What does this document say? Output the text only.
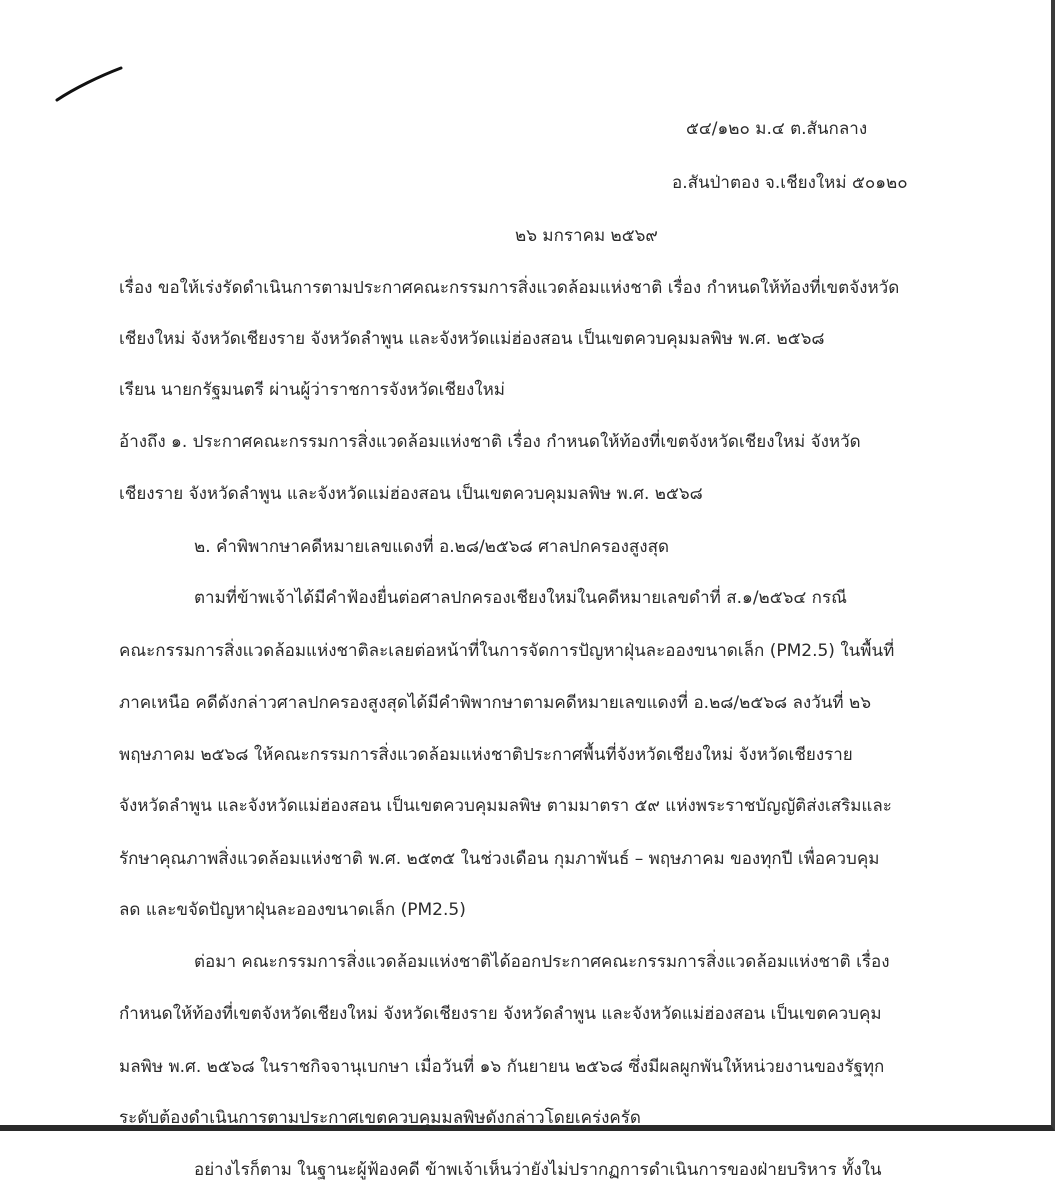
๕๔/๑๒๐ ม.๔ ต.สันกลาง
อ.สันป่าตอง จ.เชียงใหม่ ๕๐๑๒๐
๒๖ มกราคม ๒๕๖๙
เรื่อง ขอให้เร่งรัดดำเนินการตามประกาศคณะกรรมการสิ่งแวดล้อมแห่งชาติ เรื่อง กำหนดให้ท้องที่เขตจังหวัด
เชียงใหม่ จังหวัดเชียงราย จังหวัดลำพูน และจังหวัดแม่ฮ่องสอน เป็นเขตควบคุมมลพิษ พ.ศ. ๒๕๖๘
เรียน นายกรัฐมนตรี ผ่านผู้ว่าราชการจังหวัดเชียงใหม่
อ้างถึง ๑. ประกาศคณะกรรมการสิ่งแวดล้อมแห่งชาติ เรื่อง กำหนดให้ท้องที่เขตจังหวัดเชียงใหม่ จังหวัด
เชียงราย จังหวัดลำพูน และจังหวัดแม่ฮ่องสอน เป็นเขตควบคุมมลพิษ พ.ศ. ๒๕๖๘
๒. คำพิพากษาคดีหมายเลขแดงที่ อ.๒๘/๒๕๖๘ ศาลปกครองสูงสุด
ตามที่ข้าพเจ้าได้มีคำฟ้องยื่นต่อศาลปกครองเชียงใหม่ในคดีหมายเลขดำที่ ส.๑/๒๕๖๔ กรณี
คณะกรรมการสิ่งแวดล้อมแห่งชาติละเลยต่อหน้าที่ในการจัดการปัญหาฝุ่นละอองขนาดเล็ก (PM2.5) ในพื้นที่
ภาคเหนือ คดีดังกล่าวศาลปกครองสูงสุดได้มีคำพิพากษาตามคดีหมายเลขแดงที่ อ.๒๘/๒๕๖๘ ลงวันที่ ๒๖
พฤษภาคม ๒๕๖๘ ให้คณะกรรมการสิ่งแวดล้อมแห่งชาติประกาศพื้นที่จังหวัดเชียงใหม่ จังหวัดเชียงราย
จังหวัดลำพูน และจังหวัดแม่ฮ่องสอน เป็นเขตควบคุมมลพิษ ตามมาตรา ๕๙ แห่งพระราชบัญญัติส่งเสริมและ
รักษาคุณภาพสิ่งแวดล้อมแห่งชาติ พ.ศ. ๒๕๓๕ ในช่วงเดือน กุมภาพันธ์ – พฤษภาคม ของทุกปี เพื่อควบคุม
ลด และขจัดปัญหาฝุ่นละอองขนาดเล็ก (PM2.5)
ต่อมา คณะกรรมการสิ่งแวดล้อมแห่งชาติได้ออกประกาศคณะกรรมการสิ่งแวดล้อมแห่งชาติ เรื่อง
กำหนดให้ท้องที่เขตจังหวัดเชียงใหม่ จังหวัดเชียงราย จังหวัดลำพูน และจังหวัดแม่ฮ่องสอน เป็นเขตควบคุม
มลพิษ พ.ศ. ๒๕๖๘ ในราชกิจจานุเบกษา เมื่อวันที่ ๑๖ กันยายน ๒๕๖๘ ซึ่งมีผลผูกพันให้หน่วยงานของรัฐทุก
ระดับต้องดำเนินการตามประกาศเขตควบคุมมลพิษดังกล่าวโดยเคร่งครัด
อย่างไรก็ตาม ในฐานะผู้ฟ้องคดี ข้าพเจ้าเห็นว่ายังไม่ปรากฏการดำเนินการของฝ่ายบริหาร ทั้งใน
